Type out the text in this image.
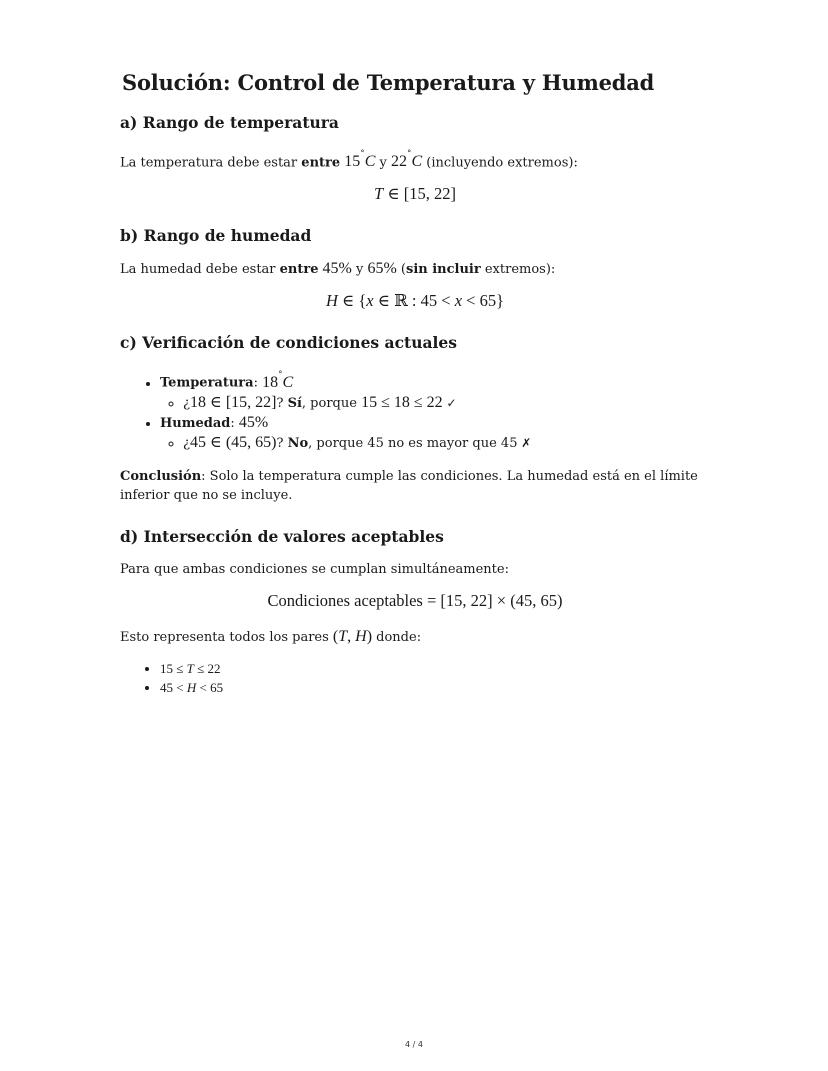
Solución: Control de Temperatura y Humedad
a) Rango de temperatura

La temperatura debe estar entre 15˚C y 22˚C (incluyendo extremos):

T ∈ [15, 22]
b) Rango de humedad

La humedad debe estar entre 45% y 65% (sin incluir extremos):

H ∈ {x ∈ ℝ : 45 < x < 65}
c) Verificación de condiciones actuales
• Temperatura: 18˚C
◦ ¿18 ∈ [15, 22]? Sí, porque 15 ≤ 18 ≤ 22 ✓
• Humedad: 45%
◦ ¿45 ∈ (45, 65)? No, porque 45 no es mayor que 45 ✗

Conclusión: Solo la temperatura cumple las condiciones. La humedad está en el límite inferior que no se incluye.

d) Intersección de valores aceptables

Para que ambas condiciones se cumplan simultáneamente:

Condiciones aceptables = [15, 22] × (45, 65)

Esto representa todos los pares (T, H) donde:

• 15 ≤ T ≤ 22
• 45 < H < 65
4 / 4
